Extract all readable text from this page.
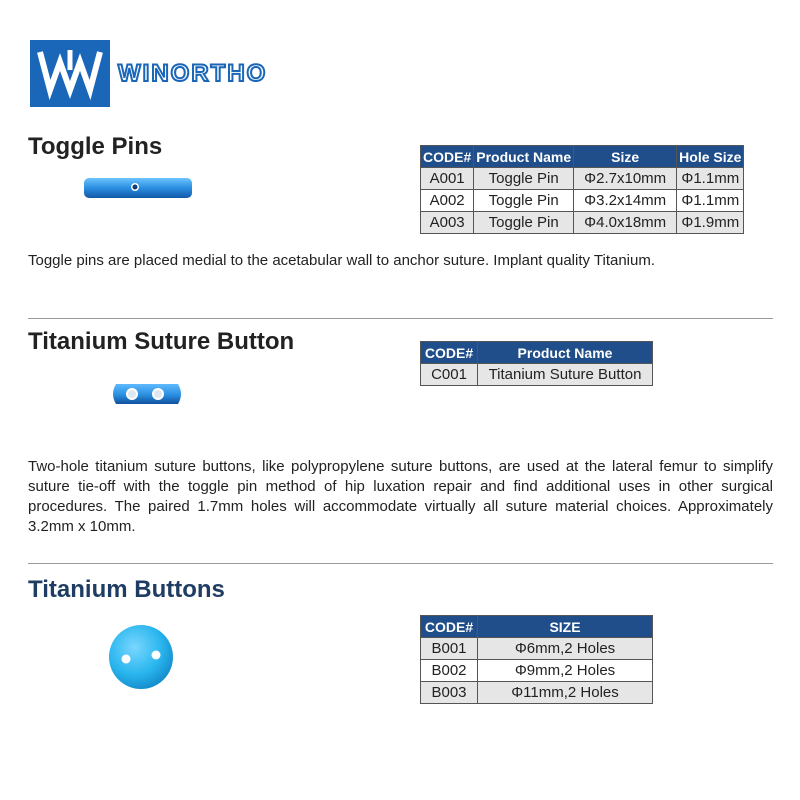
WINORTHO
Toggle Pins	CODE#	Product Name	Size	Hole Size
A001	Toggle Pin	Φ2.7x10mm	Φ1.1mm
A002	Toggle Pin	Φ3.2x14mm	Φ1.1mm
A003	Toggle Pin	Φ4.0x18mm	Φ1.9mm

Toggle pins are placed medial to the acetabular wall to anchor suture. Implant quality Titanium.

Titanium Suture Button	CODE#	Product Name
C001	Titanium Suture Button

Two-hole titanium suture buttons, like polypropylene suture buttons, are used at the lateral femur to simplify suture tie-off with the toggle pin method of hip luxation repair and find additional uses in other surgical procedures. The paired 1.7mm holes will accommodate virtually all suture material choices. Approximately 3.2mm x 10mm.

Titanium Buttons
CODE#	SIZE
B001	Φ6mm,2 Holes
B002	Φ9mm,2 Holes
B003	Φ11mm,2 Holes
